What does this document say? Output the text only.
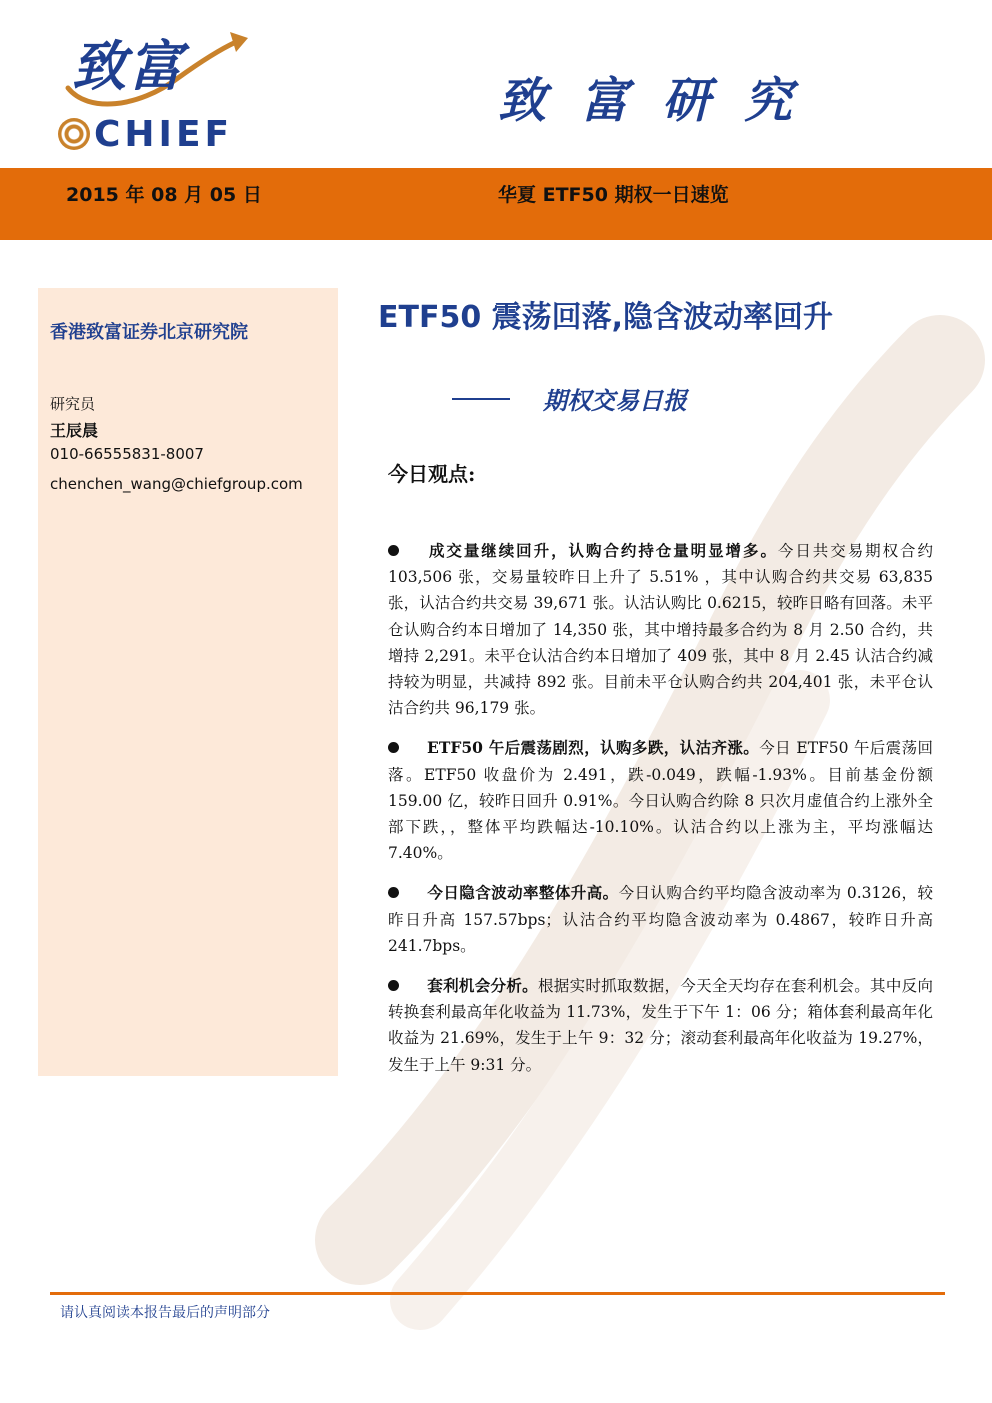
致富
CHIEF
致富研究
2015 年 08 月 05 日	华夏 ETF50 期权一日速览
香港致富证券北京研究院
研究员
王辰晨
010-66555831-8007
chenchen_wang@chiefgroup.com
ETF50 震荡回落,隐含波动率回升
期权交易日报
今日观点:

成交量继续回升，认购合约持仓量明显增多。今日共交易期权合约 103,506 张，交易量较昨日上升了 5.51% ，其中认购合约共交易 63,835 张，认沽合约共交易 39,671 张。认沽认购比 0.6215，较昨日略有回落。未平仓认购合约本日增加了 14,350 张，其中增持最多合约为 8 月 2.50 合约，共增持 2,291。未平仓认沽合约本日增加了 409 张，其中 8 月 2.45 认沽合约减持较为明显，共减持 892 张。目前未平仓认购合约共 204,401 张，未平仓认沽合约共 96,179 张。

ETF50 午后震荡剧烈，认购多跌，认沽齐涨。今日 ETF50 午后震荡回落。ETF50 收盘价为 2.491，跌-0.049，跌幅-1.93%。目前基金份额 159.00 亿，较昨日回升 0.91%。今日认购合约除 8 只次月虚值合约上涨外全部下跌，，整体平均跌幅达-10.10%。认沽合约以上涨为主，平均涨幅达 7.40%。

今日隐含波动率整体升高。今日认购合约平均隐含波动率为 0.3126，较昨日升高 157.57bps；认沽合约平均隐含波动率为 0.4867，较昨日升高 241.7bps。

套利机会分析。根据实时抓取数据，今天全天均存在套利机会。其中反向转换套利最高年化收益为 11.73%，发生于下午 1：06 分；箱体套利最高年化收益为 21.69%，发生于上午 9：32 分；滚动套利最高年化收益为 19.27%，发生于上午 9:31 分。

请认真阅读本报告最后的声明部分
